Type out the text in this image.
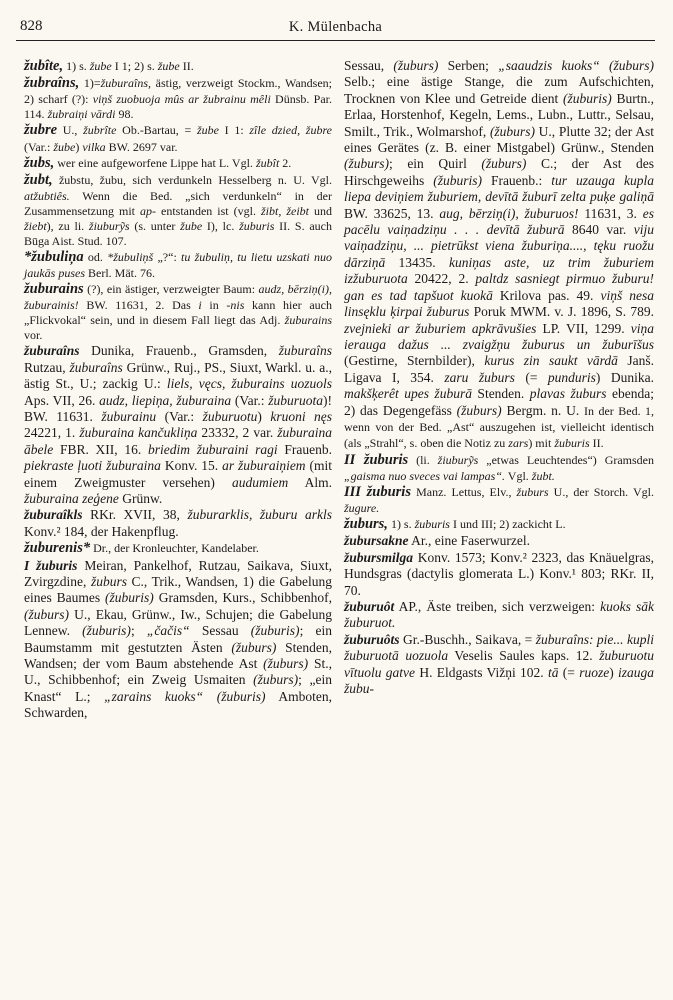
828	K. Mülenbacha
žubîte, 1) s. žube I 1; 2) s. žube II.
žubraîns, 1)=žuburaîns, ästig, verzweigt Stockm., Wandsen; 2) scharf (?): viņš zuobuoja mûs ar žubrainu mêli Dünsb. Par. 114. žubraiņi vārdi 98.
žubre U., žubrîte Ob.-Bartau, = žube I 1: zîle dzied, žubre (Var.: žube) vilka BW. 2697 var.
žubs, wer eine aufgeworfene Lippe hat L. Vgl. žubît 2.
žubt, žubstu, žubu, sich verdunkeln Hesselberg n. U. Vgl. atžubtiês. Wenn die Bed. „sich verdunkeln“ in der Zusammensetzung mit ap- entstanden ist (vgl. žibt, žeibt und žiebt), zu li. žiuburỹs (s. unter žube I), lc. žuburis II. S. auch Būga Aist. Stud. 107.
*žubuliņa od. *žubuliņš „?“: tu žubuliņ, tu lietu uzskati nuo jaukās puses Berl. Mät. 76.
žuburains (?), ein ästiger, verzweigter Baum: audz, bērziņ(i), žuburainis! BW. 11631, 2. Das i in -nis kann hier auch „Flickvokal“ sein, und in diesem Fall liegt das Adj. žuburains vor.
žuburaîns Dunika, Frauenb., Gramsden, žuburaîns Rutzau, žuburaîns Grünw., Ruj., PS., Siuxt, Warkl. u. a., ästig St., U.; zackig U.: liels, vęcs, žuburains uozuols Aps. VII, 26. audz, liepiņa, žuburaina (Var.: žuburuota)! BW. 11631. žuburainu (Var.: žuburuotu) kruoni nęs 24221, 1. žuburaina kančukliņa 23332, 2 var. žuburaina ābele FBR. XII, 16. briedim žuburaini ragi Frauenb. piekraste ļuoti žuburaina Konv. 15. ar žuburaiņiem (mit einem Zweigmuster versehen) audumiem Alm. žuburaina zeģene Grünw.
žuburaîkls RKr. XVII, 38, žuburarklis, žuburu arkls Konv.² 184, der Hakenpflug.
žuburenis* Dr., der Kronleuchter, Kandelaber.
I žuburis Meiran, Pankelhof, Rutzau, Saikava, Siuxt, Zvirgzdine, žuburs C., Trik., Wandsen, 1) die Gabelung eines Baumes (žuburis) Gramsden, Kurs., Schibbenhof, (žuburs) U., Ekau, Grünw., Iw., Schujen; die Gabelung Lennew. (žuburis); „čačis“ Sessau (žuburis); ein Baumstamm mit gestutzten Ästen (žuburs) Stenden, Wandsen; der vom Baum abstehende Ast (žuburs) St., U., Schibbenhof; ein Zweig Usmaiten (žuburs); „ein Knast“ L.; „zarains kuoks“ (žuburis) Amboten, Schwarden,
Sessau, (žuburs) Serben; „saaudzis kuoks“ (žuburs) Selb.; eine ästige Stange, die zum Aufschichten, Trocknen von Klee und Getreide dient (žuburis) Burtn., Erlaa, Horstenhof, Kegeln, Lems., Lubn., Luttr., Selsau, Smilt., Trik., Wolmarshof, (žuburs) U., Plutte 32; der Ast eines Gerätes (z. B. einer Mistgabel) Grünw., Stenden (žuburs); ein Quirl (žuburs) C.; der Ast des Hirschgeweihs (žuburis) Frauenb.: tur uzauga kupla liepa deviņiem žuburiem, devītā žuburī zelta puķe galiņā BW. 33625, 13. aug, bērziņ(i), žuburuos! 11631, 3. es pacēlu vaiņadziņu . . . devītā žuburā 8640 var. viju vaiņadziņu, ... pietrūkst viena žuburiņa...., tęku ruožu dārziņā 13435. kuniņas aste, uz trim žuburiem izžuburuota 20422, 2. paltdz sasniegt pirmuo žuburu! gan es tad tapšuot kuokā Krilova pas. 49. viņš nesa linsęklu ķirpai žuburus Poruk MWM. v. J. 1896, S. 789. zvejnieki ar žuburiem apkrāvušies LP. VII, 1299. viņa ierauga dažus ... zvaigžņu žuburus un žuburīšus (Gestirne, Sternbilder), kurus zin saukt vārdā Janš. Ligava I, 354. zaru žuburs (= punduris) Dunika. makšķerêt upes žuburā Stenden. plavas žuburs ebenda; 2) das Degengefäss (žuburs) Bergm. n. U. In der Bed. 1, wenn von der Bed. „Ast“ auszugehen ist, vielleicht identisch (als „Strahl“, s. oben die Notiz zu zars) mit žuburis II.
II žuburis (li. žiuburỹs „etwas Leuchtendes“) Gramsden „gaisma nuo sveces vai lampas“. Vgl. žubt.
III žuburis Manz. Lettus, Elv., žuburs U., der Storch. Vgl. žugure.
žuburs, 1) s. žuburis I und III; 2) zackicht L.
žubursakne Ar., eine Faserwurzel.
žubursmilga Konv. 1573; Konv.² 2323, das Knäuelgras, Hundsgras (dactylis glomerata L.) Konv.¹ 803; RKr. II, 70.
žuburuôt AP., Äste treiben, sich verzweigen: kuoks sāk žuburuot.
žuburuôts Gr.-Buschh., Saikava, = žuburaîns: pie... kupli žuburuotā uozuola Veselis Saules kaps. 12. žuburuotu vītuolu gatve H. Eldgasts Vižņi 102. tā (= ruoze) izauga žubu-
